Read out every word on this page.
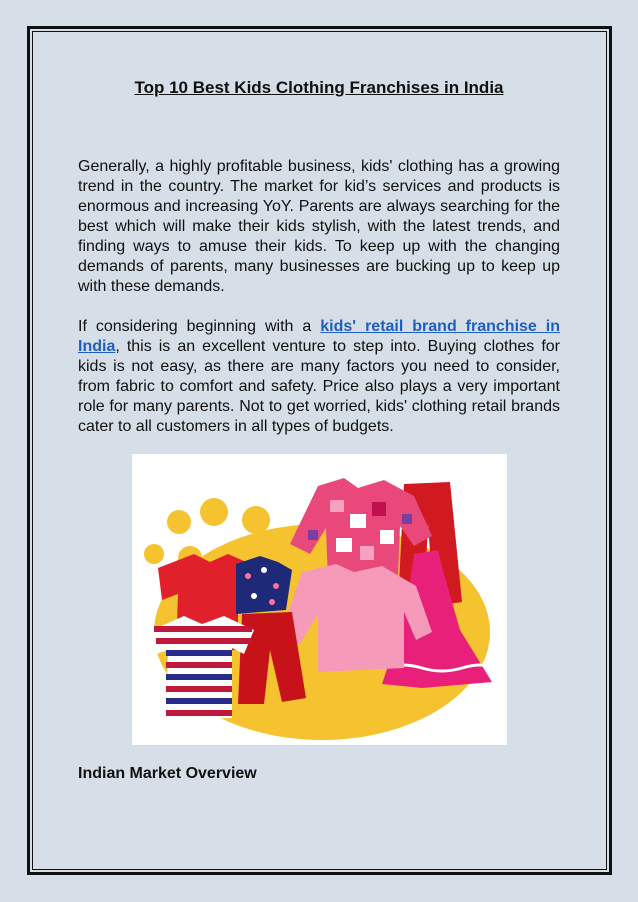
Top 10 Best Kids Clothing Franchises in India

Generally, a highly profitable business, kids' clothing has a growing trend in the country. The market for kid’s services and products is enormous and increasing YoY. Parents are always searching for the best which will make their kids stylish, with the latest trends, and finding ways to amuse their kids. To keep up with the changing demands of parents, many businesses are bucking up to keep up with these demands.

If considering beginning with a kids' retail brand franchise in India, this is an excellent venture to step into. Buying clothes for kids is not easy, as there are many factors you need to consider, from fabric to comfort and safety. Price also plays a very important role for many parents. Not to get worried, kids' clothing retail brands cater to all customers in all types of budgets.

Indian Market Overview
